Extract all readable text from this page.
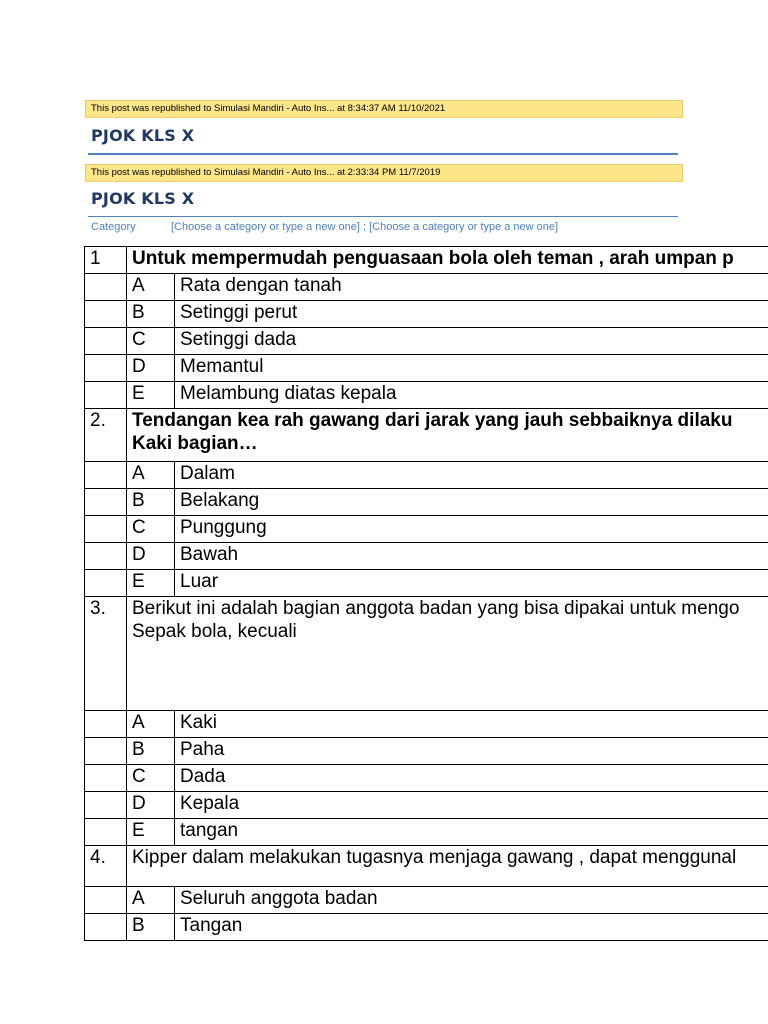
This post was republished to Simulasi Mandiri - Auto Ins... at 8:34:37 AM 11/10/2021
PJOK KLS X
This post was republished to Simulasi Mandiri - Auto Ins... at 2:33:34 PM 11/7/2019
PJOK KLS X
Category	[Choose a category or type a new one] ; [Choose a category or type a new one]
1	Untuk mempermudah penguasaan bola oleh teman , arah umpan p	
	A	Rata dengan tanah
	B	Setinggi perut
	C	Setinggi dada
	D	Memantul
	E	Melambung diatas kepala
2.	Tendangan kea rah gawang dari jarak yang jauh sebbaiknya dilaku
Kaki bagian…	

	A	Dalam
	B	Belakang
	C	Punggung
	D	Bawah
	E	Luar
3.	Berikut ini adalah bagian anggota badan yang bisa dipakai untuk mengo
Sepak bola, kecuali	

	A	Kaki
	B	Paha
	C	Dada
	D	Kepala
	E	tangan
4.	Kipper dalam melakukan tugasnya menjaga gawang , dapat menggunal	
	A	Seluruh anggota badan
	B	Tangan
